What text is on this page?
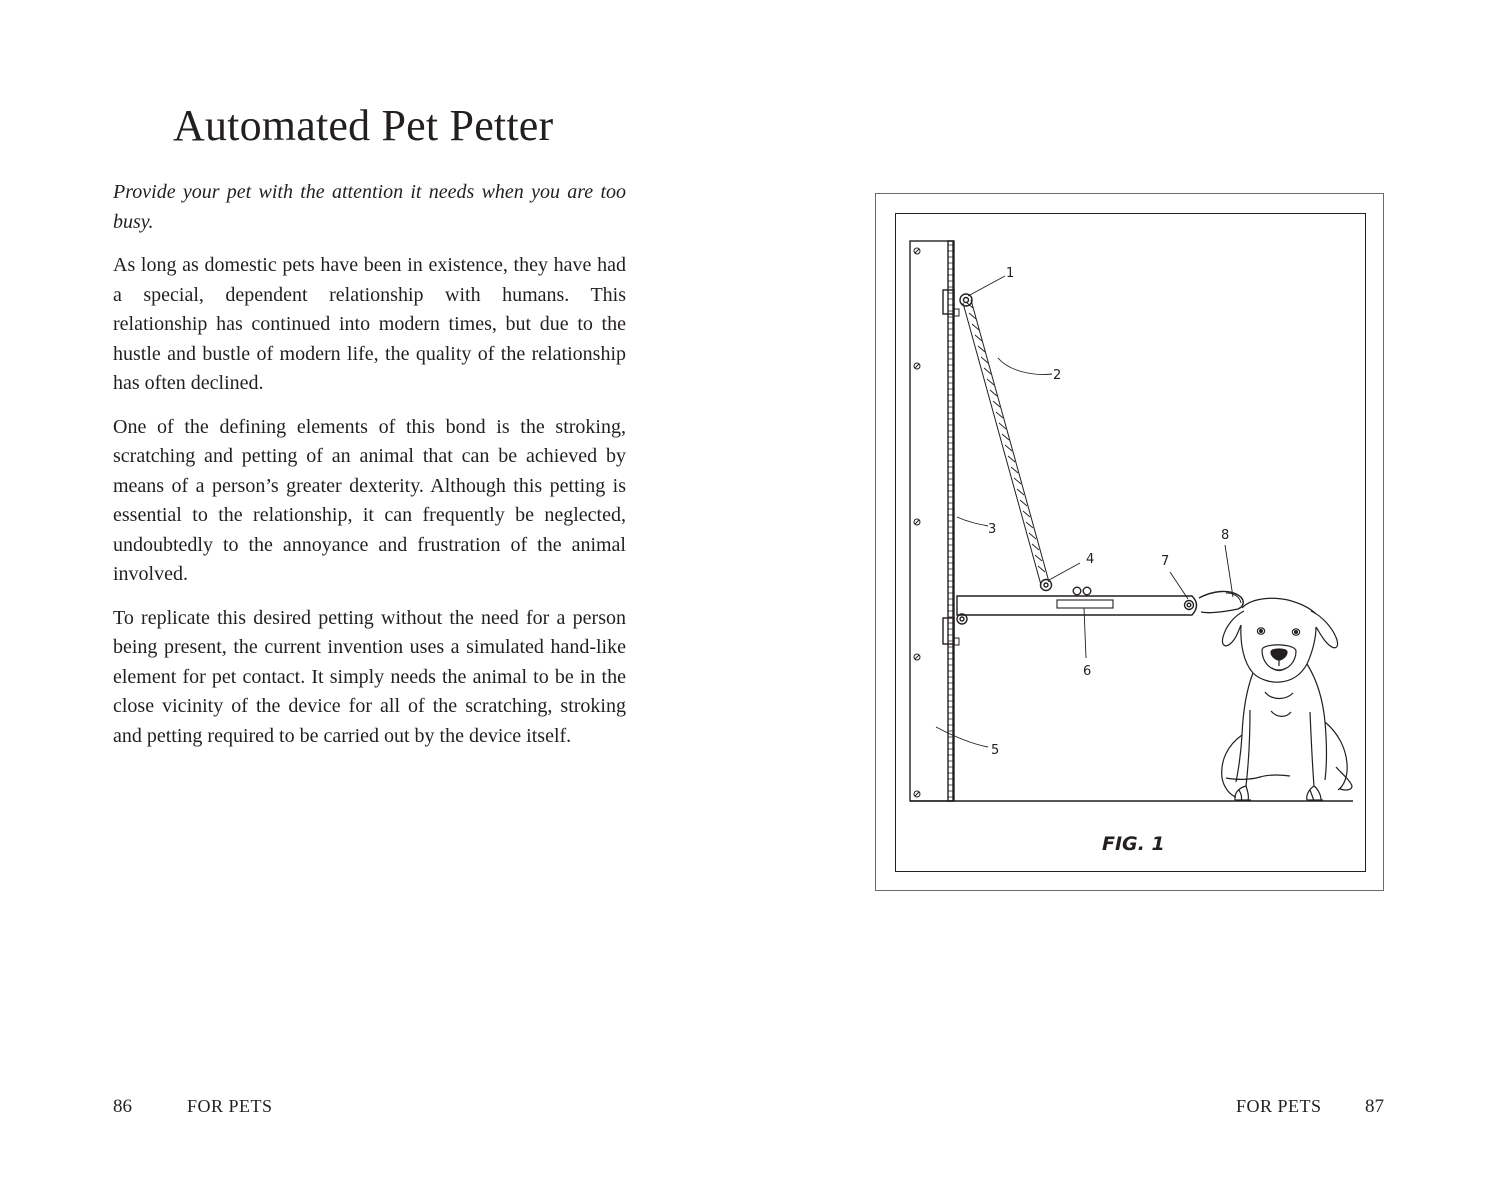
Automated Pet Petter

Provide your pet with the attention it needs when you are too busy.

As long as domestic pets have been in existence, they have had a special, dependent relationship with humans. This relationship has continued into modern times, but due to the hustle and bustle of modern life, the quality of the relationship has often declined.

One of the defining elements of this bond is the stroking, scratching and petting of an animal that can be achieved by means of a person’s greater dexterity. Although this petting is essential to the relationship, it can frequently be neglected, undoubtedly to the annoyance and frustration of the animal involved.

To replicate this desired petting without the need for a person being present, the current invention uses a simulated hand-like element for pet contact. It simply needs the animal to be in the close vicinity of the device for all of the scratching, stroking and petting required to be carried out by the device itself.

86	FOR PETS
1
2
3
4
5
6
7
8
FIG. 1
FOR PETS 87
